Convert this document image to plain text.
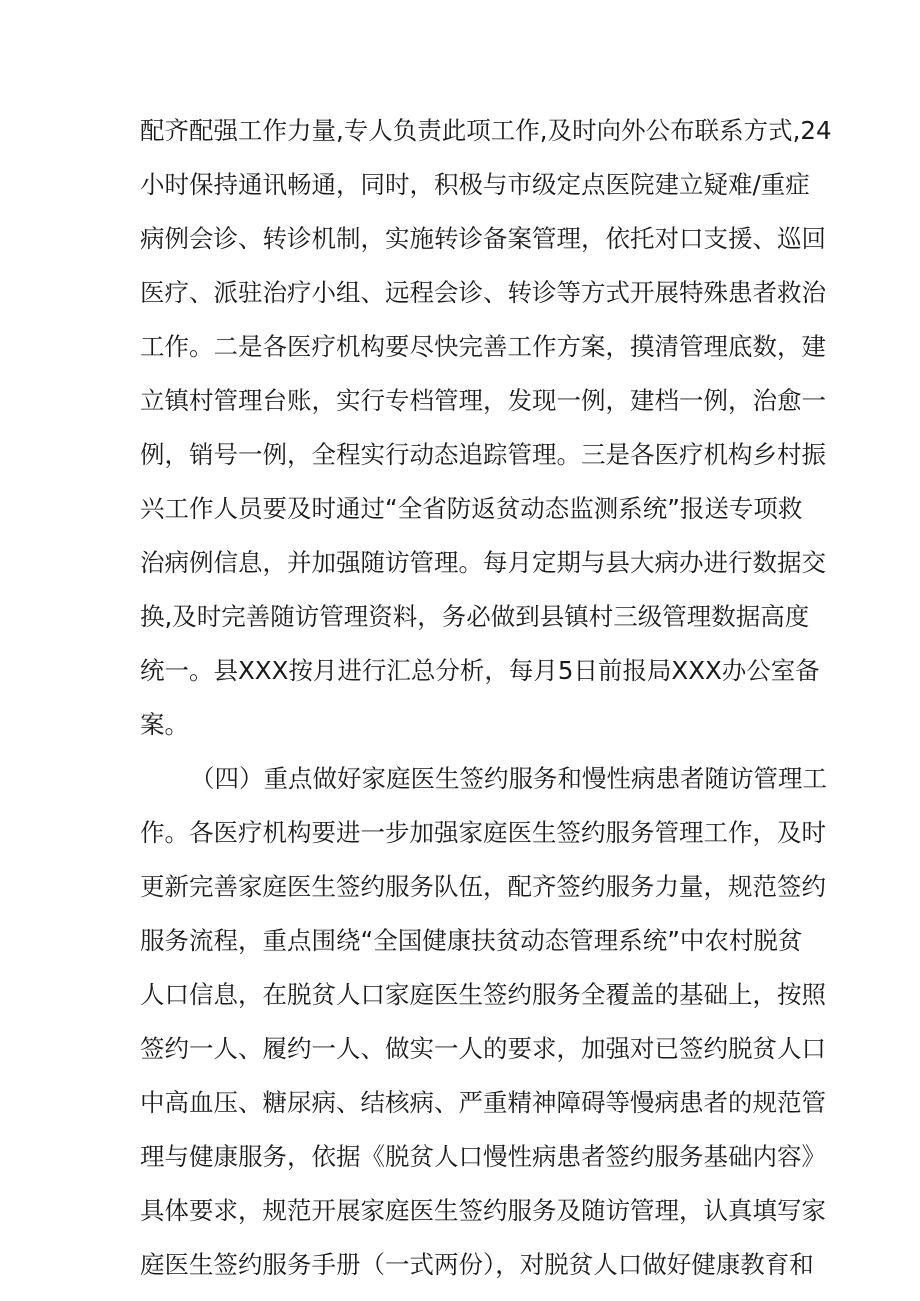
配齐配强工作力量,专人负责此项工作,及时向外公布联系方式,24
小时保持通讯畅通，同时，积极与市级定点医院建立疑难/重症
病例会诊、转诊机制，实施转诊备案管理，依托对口支援、巡回
医疗、派驻治疗小组、远程会诊、转诊等方式开展特殊患者救治
工作。二是各医疗机构要尽快完善工作方案，摸清管理底数，建
立镇村管理台账，实行专档管理，发现一例，建档一例，治愈一
例，销号一例，全程实行动态追踪管理。三是各医疗机构乡村振
兴工作人员要及时通过“全省防返贫动态监测系统”报送专项救
治病例信息，并加强随访管理。每月定期与县大病办进行数据交
换,及时完善随访管理资料，务必做到县镇村三级管理数据高度
统一。县XXX按月进行汇总分析，每月5日前报局XXX办公室备
案。
（四）重点做好家庭医生签约服务和慢性病患者随访管理工
作。各医疗机构要进一步加强家庭医生签约服务管理工作，及时
更新完善家庭医生签约服务队伍，配齐签约服务力量，规范签约
服务流程，重点围绕“全国健康扶贫动态管理系统”中农村脱贫
人口信息，在脱贫人口家庭医生签约服务全覆盖的基础上，按照
签约一人、履约一人、做实一人的要求，加强对已签约脱贫人口
中高血压、糖尿病、结核病、严重精神障碍等慢病患者的规范管
理与健康服务，依据《脱贫人口慢性病患者签约服务基础内容》
具体要求，规范开展家庭医生签约服务及随访管理，认真填写家
庭医生签约服务手册（一式两份），对脱贫人口做好健康教育和
